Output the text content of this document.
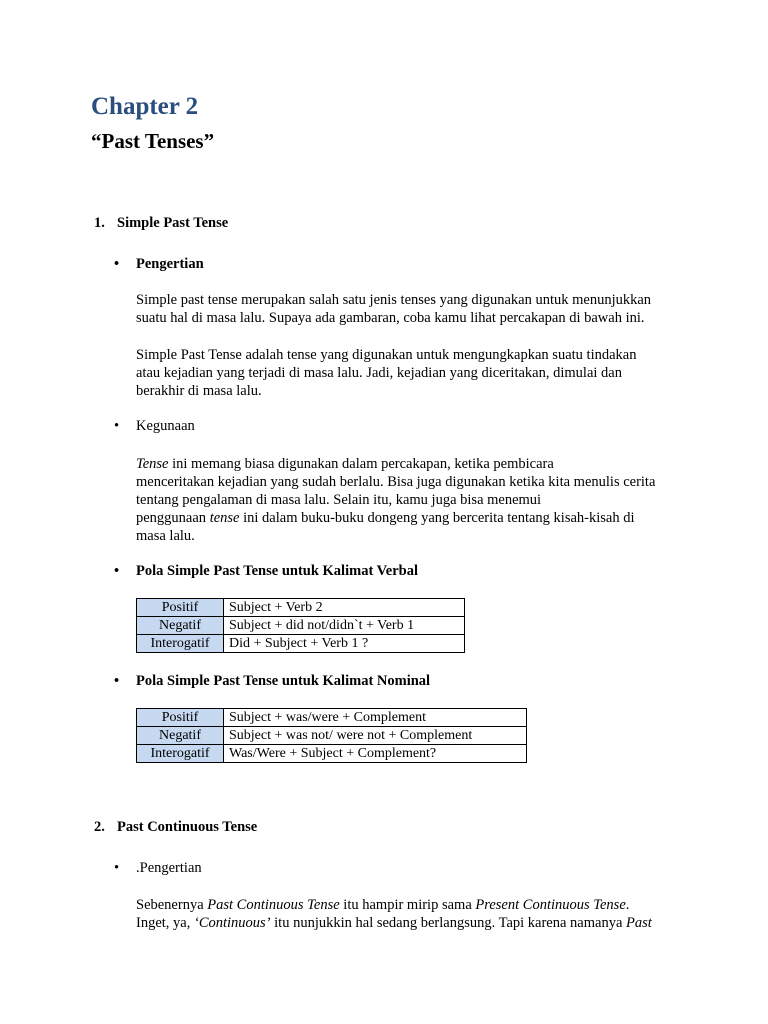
Chapter 2
“Past Tenses”
1. Simple Past Tense
• Pengertian
Simple past tense merupakan salah satu jenis tenses yang digunakan untuk menunjukkan
suatu hal di masa lalu. Supaya ada gambaran, coba kamu lihat percakapan di bawah ini.
Simple Past Tense adalah tense yang digunakan untuk mengungkapkan suatu tindakan
atau kejadian yang terjadi di masa lalu. Jadi, kejadian yang diceritakan, dimulai dan
berakhir di masa lalu.
• Kegunaan
Tense ini memang biasa digunakan dalam percakapan, ketika pembicara
menceritakan kejadian yang sudah berlalu. Bisa juga digunakan ketika kita menulis cerita
tentang pengalaman di masa lalu. Selain itu, kamu juga bisa menemui
penggunaan tense ini dalam buku-buku dongeng yang bercerita tentang kisah-kisah di
masa lalu.
• Pola Simple Past Tense untuk Kalimat Verbal
Positif	Subject + Verb 2
Negatif	Subject + did not/didn`t + Verb 1
Interogatif	Did + Subject + Verb 1 ?
• Pola Simple Past Tense untuk Kalimat Nominal
Positif	Subject + was/were + Complement
Negatif	Subject + was not/ were not + Complement
Interogatif	Was/Were + Subject + Complement?
2. Past Continuous Tense
• .Pengertian
Sebenernya Past Continuous Tense itu hampir mirip sama Present Continuous Tense.
Inget, ya, ‘Continuous’ itu nunjukkin hal sedang berlangsung. Tapi karena namanya Past
